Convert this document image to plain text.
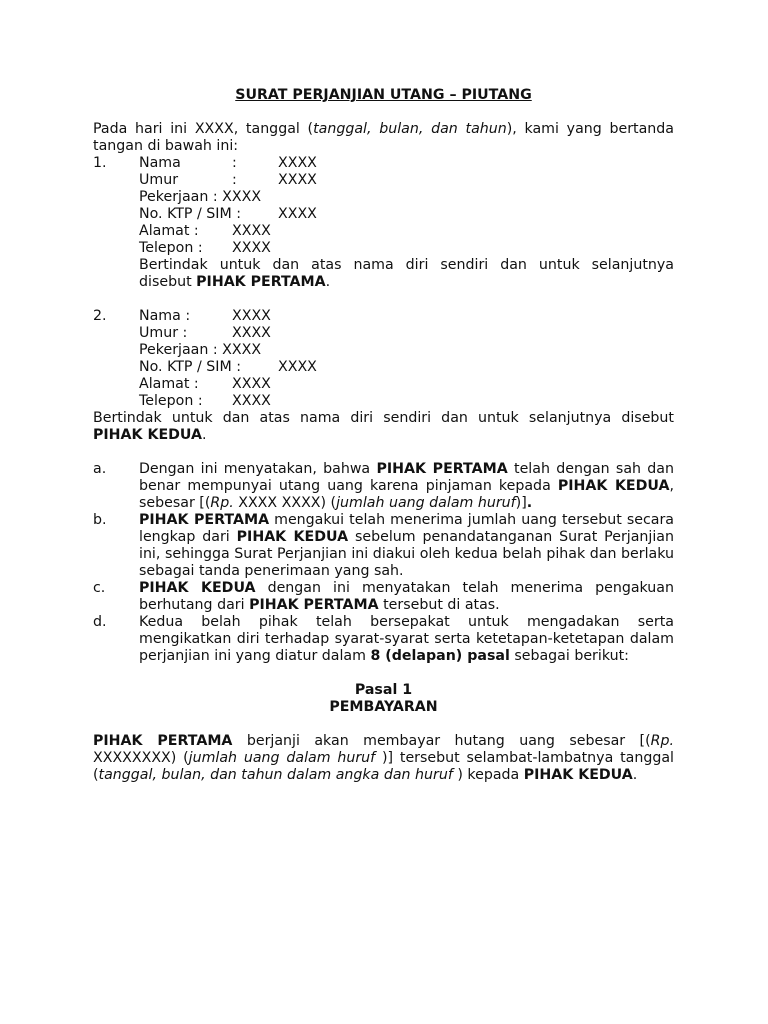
SURAT PERJANJIAN UTANG – PIUTANG
Pada hari ini XXXX, tanggal (tanggal, bulan, dan tahun), kami yang bertanda tangan di bawah ini:
1.	Nama	:	XXXX
Umur	:	XXXX
Pekerjaan : XXXX
No. KTP / SIM :	XXXX
Alamat :	XXXX
Telepon :	XXXX
Bertindak untuk dan atas nama diri sendiri dan untuk selanjutnya
disebut PIHAK PERTAMA.
2.	Nama :	XXXX
Umur :	XXXX
Pekerjaan : XXXX
No. KTP / SIM :	XXXX
Alamat :	XXXX
Telepon :	XXXX
Bertindak untuk dan atas nama diri sendiri dan untuk selanjutnya disebut
PIHAK KEDUA.
a.	Dengan ini menyatakan, bahwa PIHAK PERTAMA telah dengan sah dan benar mempunyai utang uang karena pinjaman kepada PIHAK KEDUA, sebesar [(Rp. XXXX XXXX) (jumlah uang dalam huruf)].
b.	PIHAK PERTAMA mengakui telah menerima jumlah uang tersebut secara lengkap dari PIHAK KEDUA sebelum penandatanganan Surat Perjanjian ini, sehingga Surat Perjanjian ini diakui oleh kedua belah pihak dan berlaku sebagai tanda penerimaan yang sah.
c.	PIHAK KEDUA dengan ini menyatakan telah menerima pengakuan berhutang dari PIHAK PERTAMA tersebut di atas.
d.	Kedua belah pihak telah bersepakat untuk mengadakan serta mengikatkan diri terhadap syarat-syarat serta ketetapan-ketetapan dalam perjanjian ini yang diatur dalam 8 (delapan) pasal sebagai berikut:
Pasal 1
PEMBAYARAN
PIHAK PERTAMA berjanji akan membayar hutang uang sebesar [(Rp. XXXXXXXX) (jumlah uang dalam huruf )] tersebut selambat-lambatnya tanggal (tanggal, bulan, dan tahun dalam angka dan huruf ) kepada PIHAK KEDUA.
